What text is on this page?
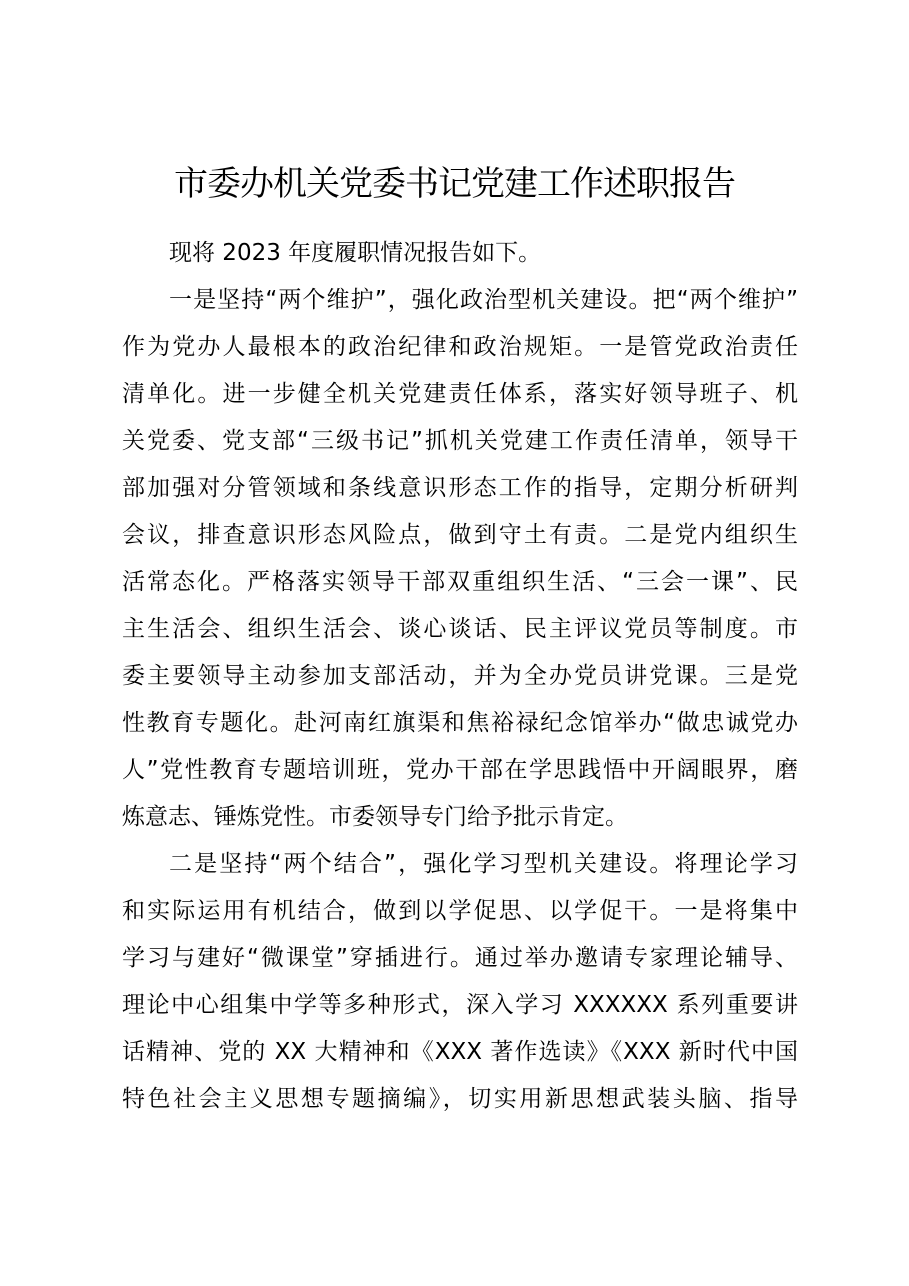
市委办机关党委书记党建工作述职报告

现将 2023 年度履职情况报告如下。

一是坚持“两个维护”，强化政治型机关建设。把“两个维护”
作为党办人最根本的政治纪律和政治规矩。一是管党政治责任
清单化。进一步健全机关党建责任体系，落实好领导班子、机
关党委、党支部“三级书记”抓机关党建工作责任清单，领导干
部加强对分管领域和条线意识形态工作的指导，定期分析研判
会议，排查意识形态风险点，做到守土有责。二是党内组织生
活常态化。严格落实领导干部双重组织生活、“三会一课”、民
主生活会、组织生活会、谈心谈话、民主评议党员等制度。市
委主要领导主动参加支部活动，并为全办党员讲党课。三是党
性教育专题化。赴河南红旗渠和焦裕禄纪念馆举办“做忠诚党办
人”党性教育专题培训班，党办干部在学思践悟中开阔眼界，磨
炼意志、锤炼党性。市委领导专门给予批示肯定。

二是坚持“两个结合”，强化学习型机关建设。将理论学习
和实际运用有机结合，做到以学促思、以学促干。一是将集中
学习与建好“微课堂”穿插进行。通过举办邀请专家理论辅导、
理论中心组集中学等多种形式，深入学习 XXXXXX 系列重要讲
话精神、党的 XX 大精神和《XXX 著作选读》《XXX 新时代中国
特色社会主义思想专题摘编》，切实用新思想武装头脑、指导
